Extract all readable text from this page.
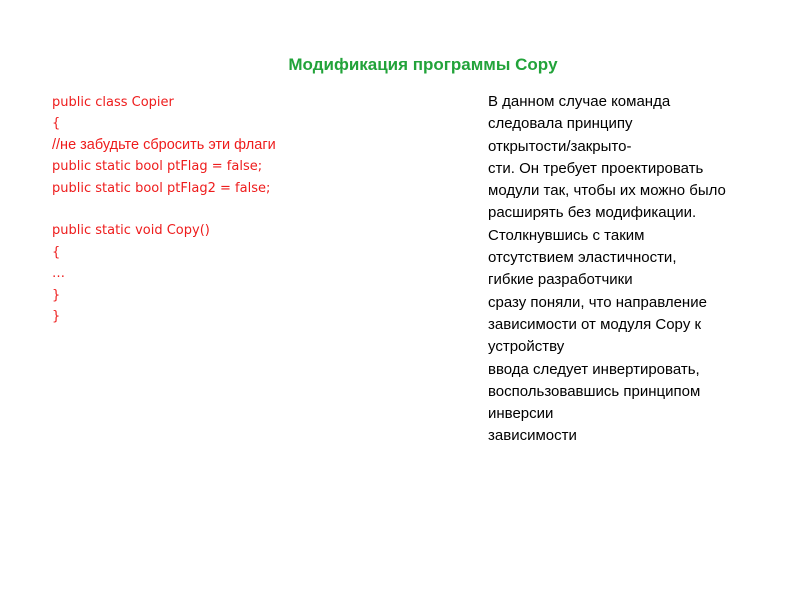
Модификация программы Copy
public class Copier
{
//не забудьте сбросить эти флаги
public static bool ptFlag = false;
public static bool ptFlag2 = false;
public static void Copy()
{
…
}
}
В данном случае команда
следовала принципу
открытости/закрыто-
сти. Он требует проектировать
модули так, чтобы их можно было
расширять без модификации.
Столкнувшись с таким
отсутствием эластичности,
гибкие разработчики
сразу поняли, что направление
зависимости от модуля Copy к
устройству
ввода следует инвертировать,
воспользовавшись принципом
инверсии
зависимости
